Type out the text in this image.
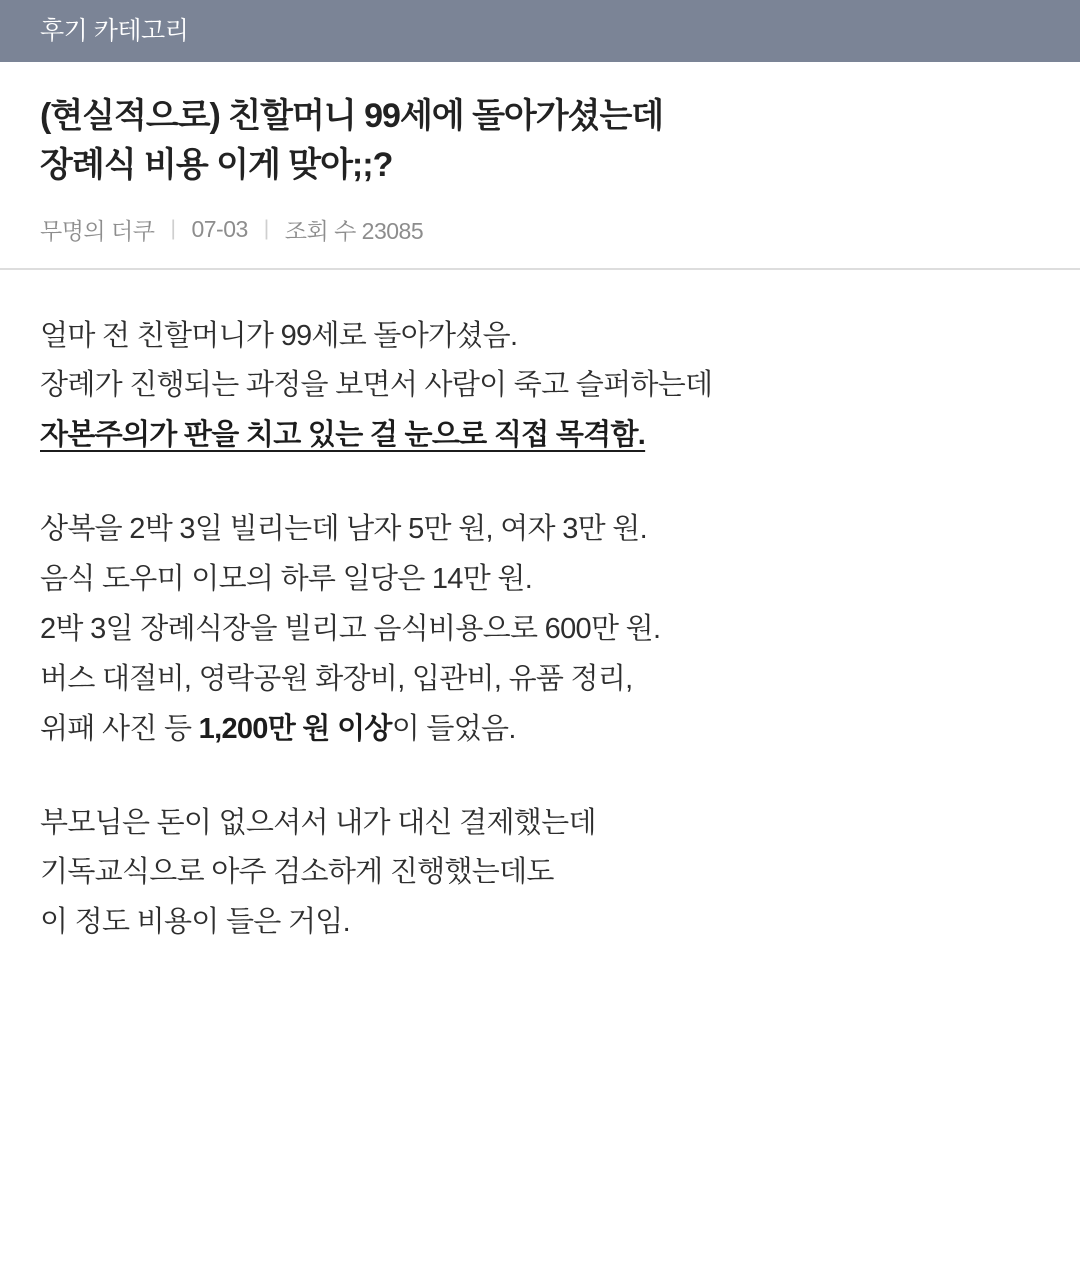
후기 카테고리
(현실적으로) 친할머니 99세에 돌아가셨는데
장례식 비용 이게 맞아;;?
무명의 더쿠 | 07-03 | 조회 수 23085
얼마 전 친할머니가 99세로 돌아가셨음.
장례가 진행되는 과정을 보면서 사람이 죽고 슬퍼하는데
자본주의가 판을 치고 있는 걸 눈으로 직접 목격함.
상복을 2박 3일 빌리는데 남자 5만 원, 여자 3만 원.
음식 도우미 이모의 하루 일당은 14만 원.
2박 3일 장례식장을 빌리고 음식비용으로 600만 원.
버스 대절비, 영락공원 화장비, 입관비, 유품 정리,
위패 사진 등 1,200만 원 이상이 들었음.
부모님은 돈이 없으셔서 내가 대신 결제했는데
기독교식으로 아주 검소하게 진행했는데도
이 정도 비용이 들은 거임.
